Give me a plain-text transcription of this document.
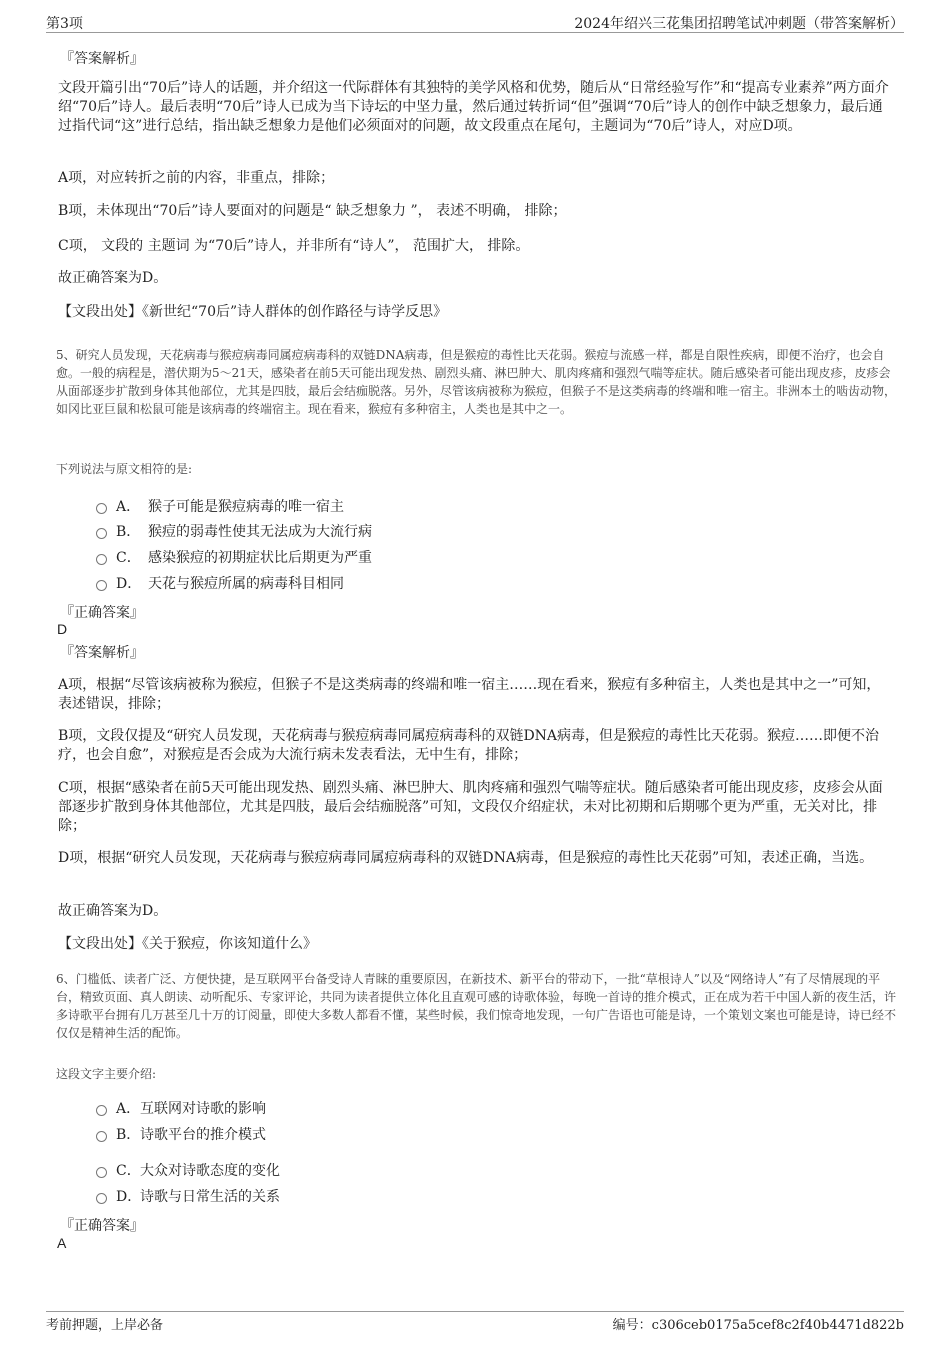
第3项	2024年绍兴三花集团招聘笔试冲刺题（带答案解析）
『答案解析』
文段开篇引出“70后”诗人的话题，并介绍这一代际群体有其独特的美学风格和优势，随后从“日常经验写作”和“提高专业素养”两方面介绍“70后”诗人。最后表明“70后”诗人已成为当下诗坛的中坚力量，然后通过转折词“但”强调“70后”诗人的创作中缺乏想象力，最后通过指代词“这”进行总结，指出缺乏想象力是他们必须面对的问题，故文段重点在尾句，主题词为“70后”诗人，对应D项。
A项，对应转折之前的内容，非重点，排除；
B项，未体现出“70后”诗人要面对的问题是“ 缺乏想象力 ”， 表述不明确， 排除；
C项， 文段的 主题词 为“70后”诗人，并非所有“诗人”， 范围扩大， 排除。
故正确答案为D。
【文段出处】《新世纪“70后”诗人群体的创作路径与诗学反思》
5、研究人员发现，天花病毒与猴痘病毒同属痘病毒科的双链DNA病毒，但是猴痘的毒性比天花弱。猴痘与流感一样，都是自限性疾病，即便不治疗，也会自愈。一般的病程是，潜伏期为5～21天，感染者在前5天可能出现发热、剧烈头痛、淋巴肿大、肌肉疼痛和强烈气喘等症状。随后感染者可能出现皮疹，皮疹会从面部逐步扩散到身体其他部位，尤其是四肢，最后会结痂脱落。另外，尽管该病被称为猴痘，但猴子不是这类病毒的终端和唯一宿主。非洲本土的啮齿动物，如冈比亚巨鼠和松鼠可能是该病毒的终端宿主。现在看来，猴痘有多种宿主，人类也是其中之一。
下列说法与原文相符的是:
A． 猴子可能是猴痘病毒的唯一宿主
B． 猴痘的弱毒性使其无法成为大流行病
C． 感染猴痘的初期症状比后期更为严重
D． 天花与猴痘所属的病毒科目相同
『正确答案』
D
『答案解析』
A项，根据“尽管该病被称为猴痘，但猴子不是这类病毒的终端和唯一宿主……现在看来，猴痘有多种宿主，人类也是其中之一”可知，表述错误，排除；
B项，文段仅提及“研究人员发现，天花病毒与猴痘病毒同属痘病毒科的双链DNA病毒，但是猴痘的毒性比天花弱。猴痘……即便不治疗，也会自愈”，对猴痘是否会成为大流行病未发表看法，无中生有，排除；
C项，根据“感染者在前5天可能出现发热、剧烈头痛、淋巴肿大、肌肉疼痛和强烈气喘等症状。随后感染者可能出现皮疹，皮疹会从面部逐步扩散到身体其他部位，尤其是四肢，最后会结痂脱落”可知，文段仅介绍症状，未对比初期和后期哪个更为严重，无关对比，排除；
D项，根据“研究人员发现，天花病毒与猴痘病毒同属痘病毒科的双链DNA病毒，但是猴痘的毒性比天花弱”可知，表述正确，当选。
故正确答案为D。
【文段出处】《关于猴痘，你该知道什么》
6、门槛低、读者广泛、方便快捷，是互联网平台备受诗人青睐的重要原因，在新技术、新平台的带动下，一批“草根诗人”以及“网络诗人”有了尽情展现的平台，精致页面、真人朗读、动听配乐、专家评论，共同为读者提供立体化且直观可感的诗歌体验，每晚一首诗的推介模式，正在成为若干中国人新的夜生活，许多诗歌平台拥有几万甚至几十万的订阅量，即使大多数人都看不懂，某些时候，我们惊奇地发现，一句广告语也可能是诗，一个策划文案也可能是诗，诗已经不仅仅是精神生活的配饰。
这段文字主要介绍:
A． 互联网对诗歌的影响
B． 诗歌平台的推介模式
C． 大众对诗歌态度的变化
D．
诗歌与日常生活的关系
『正确答案』
A
考前押题，上岸必备	编号：c306ceb0175a5cef8c2f40b4471d822b
